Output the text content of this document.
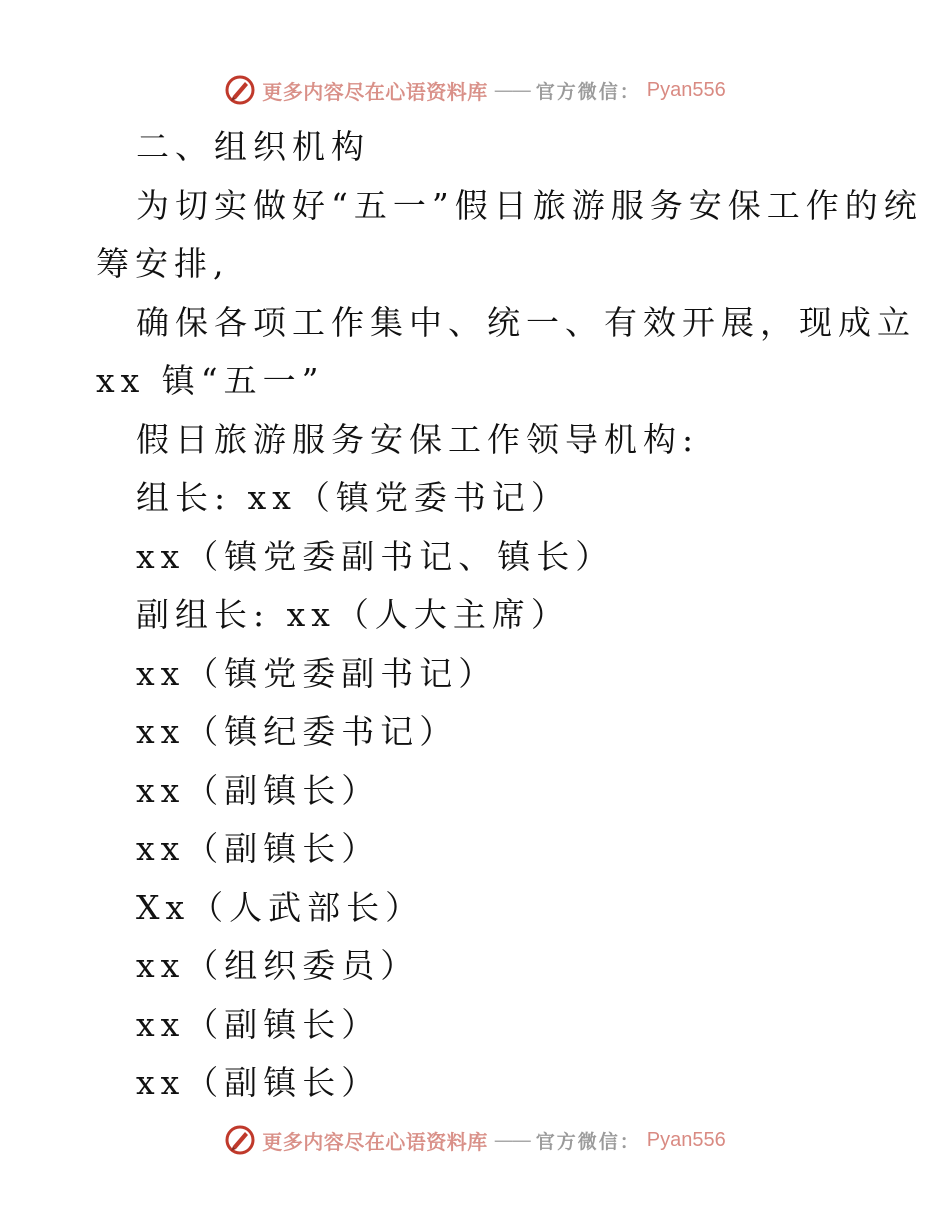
更多内容尽在心语资料库 —— 官方微信： Pyan556
二、组织机构
为切实做好“五一”假日旅游服务安保工作的统
筹安排,
确保各项工作集中、统一、有效开展，现成立
xx 镇“五一”
假日旅游服务安保工作领导机构:
组长: xx（镇党委书记）
xx（镇党委副书记、镇长）
副组长: xx（人大主席）
xx（镇党委副书记）
xx（镇纪委书记）
xx（副镇长）
xx（副镇长）
Xx（人武部长）
xx（组织委员）
xx（副镇长）
xx（副镇长）
更多内容尽在心语资料库 —— 官方微信： Pyan556
